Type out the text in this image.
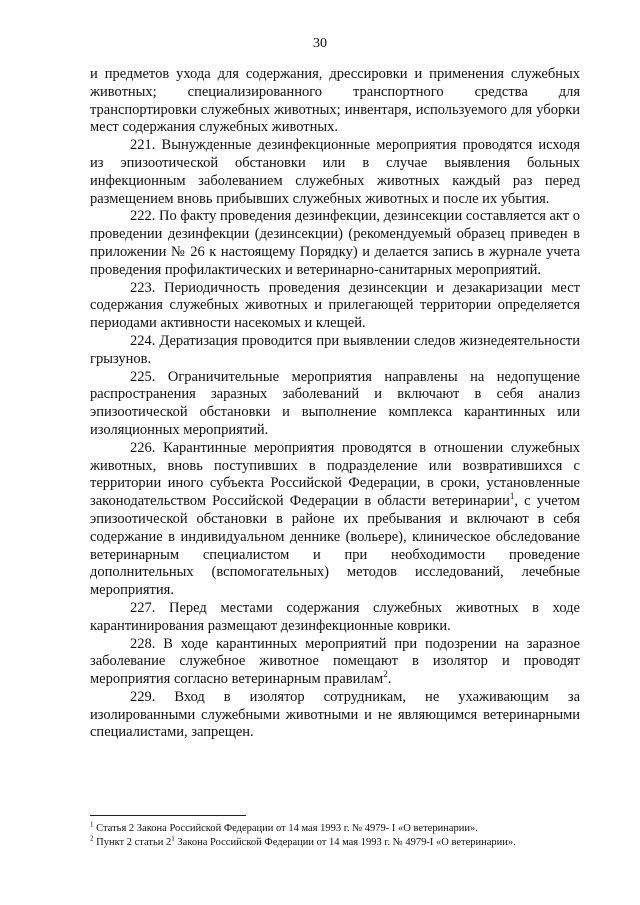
30

и предметов ухода для содержания, дрессировки и применения служебных животных; специализированного транспортного средства для транспортировки служебных животных; инвентаря, используемого для уборки мест содержания служебных животных.

221. Вынужденные дезинфекционные мероприятия проводятся исходя из эпизоотической обстановки или в случае выявления больных инфекционным заболеванием служебных животных каждый раз перед размещением вновь прибывших служебных животных и после их убытия.

222. По факту проведения дезинфекции, дезинсекции составляется акт о проведении дезинфекции (дезинсекции) (рекомендуемый образец приведен в приложении № 26 к настоящему Порядку) и делается запись в журнале учета проведения профилактических и ветеринарно-санитарных мероприятий.

223. Периодичность проведения дезинсекции и дезакаризации мест содержания служебных животных и прилегающей территории определяется периодами активности насекомых и клещей.

224. Дератизация проводится при выявлении следов жизнедеятельности грызунов.

225. Ограничительные мероприятия направлены на недопущение распространения заразных заболеваний и включают в себя анализ эпизоотической обстановки и выполнение комплекса карантинных или изоляционных мероприятий.

226. Карантинные мероприятия проводятся в отношении служебных животных, вновь поступивших в подразделение или возвратившихся с территории иного субъекта Российской Федерации, в сроки, установленные законодательством Российской Федерации в области ветеринарии$^1$, с учетом эпизоотической обстановки в районе их пребывания и включают в себя содержание в индивидуальном деннике (вольере), клиническое обследование ветеринарным специалистом и при необходимости проведение дополнительных (вспомогательных) методов исследований, лечебные мероприятия.

227. Перед местами содержания служебных животных в ходе карантинирования размещают дезинфекционные коврики.

228. В ходе карантинных мероприятий при подозрении на заразное заболевание служебное животное помещают в изолятор и проводят мероприятия согласно ветеринарным правилам$^2$.

229. Вход в изолятор сотрудникам, не ухаживающим за изолированными служебными животными и не являющимся ветеринарными специалистами, запрещен.

$^1$ Статья 2 Закона Российской Федерации от 14 мая 1993 г. № 4979- I «О ветеринарии».

$^2$ Пункт 2 статьи $2^1$ Закона Российской Федерации от 14 мая 1993 г. № 4979-I «О ветеринарии».
